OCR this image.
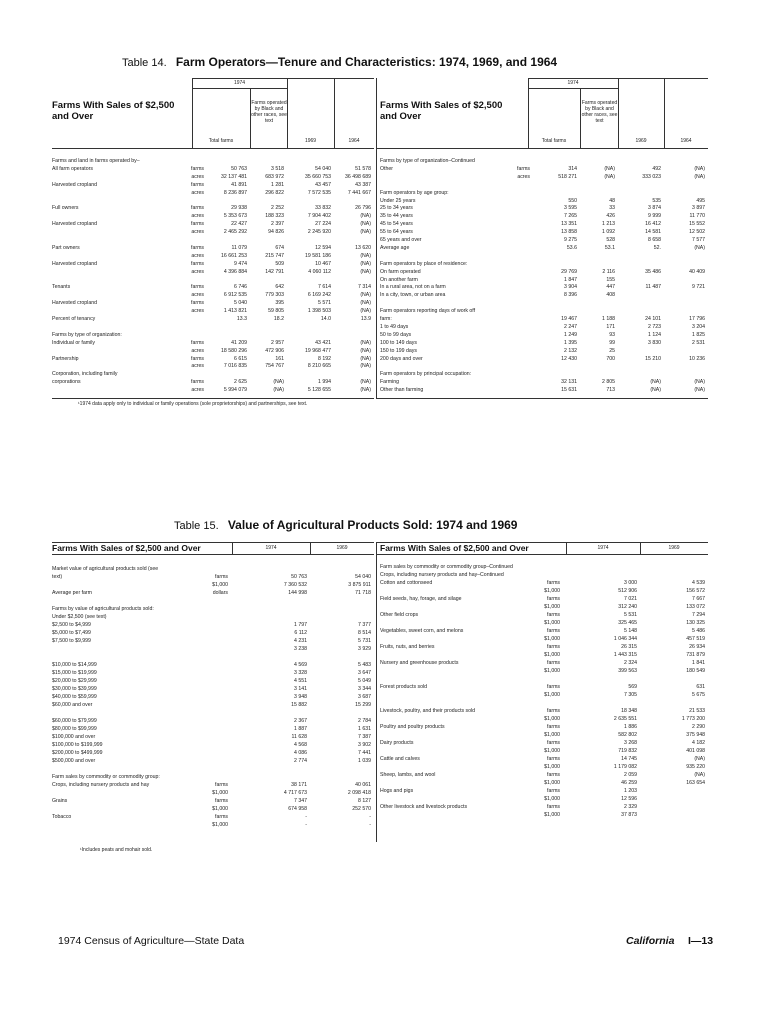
Table 14. Farm Operators—Tenure and Characteristics: 1974, 1969, and 1964
Farms With Sales of $2,500 and Over
1974
Total farms
Farms operated by Black and other races, see text
1969	1964
Farms and land in farms operated by–
All farm operators	farms	50 763	3 518	54 040	51 578
acres	32 137 481	683 972	35 660 753	36 498 689
Harvested cropland	farms	41 891	1 281	43 457	43 387
acres	8 236 897	296 822	7 572 535	7 441 667
Full owners	farms	29 938	2 252	33 832	26 796
acres	5 353 673	188 323	7 904 402	(NA)
Harvested cropland	farms	22 427	2 397	27 224	(NA)
acres	2 465 292	94 826	2 245 920	(NA)
Part owners	farms	11 079	674	12 594	13 620
acres	16 661 253	215 747	19 581 186	(NA)
Harvested cropland	farms	9 474	509	10 467	(NA)
acres	4 396 884	142 791	4 060 112	(NA)
Tenants	farms	6 746	642	7 614	7 314
acres	6 912 535	779 303	6 169 242	(NA)
Harvested cropland	farms	5 040	395	5 571	(NA)
acres	1 413 821	59 805	1 398 503	(NA)
Percent of tenancy	13.3	18.2	14.0	13.9
Farms by type of organization:
Individual or family	farms	41 209	2 957	43 421	(NA)
acres	18 580 296	472 906	19 968 477	(NA)
Partnership	farms	6 615	161	8 192	(NA)
acres	7 016 835	754 767	8 210 665	(NA)
Corporation, including family
corporations	farms	2 625	(NA)	1 994	(NA)
acres	5 994 079	(NA)	5 128 655	(NA)
Farms With Sales of $2,500 and Over
1974
Total farms
Farms operated by Black and other races, see text
1969	1964
Farms by type of organization–Continued
Other	farms	314	(NA)	492	(NA)
acres	518 271	(NA)	333 023	(NA)
Farm operators by age group:
Under 25 years	550	48	535	495
25 to 34 years	3 595	33	3 874	3 897
35 to 44 years	7 265	426	9 999	11 770
45 to 54 years	13 351	1 213	16 412	15 552
55 to 64 years	13 858	1 092	14 581	12 502
65 years and over	9 275	528	8 658	7 577
Average age	53.6	53.1	52.	(NA)
Farm operators by place of residence:
On farm operated	29 769	2 116	35 486	40 409
On another farm	1 847	155
In a rural area, not on a farm	3 904	447	11 487	9 721
In a city, town, or urban area	8 396	408
Farm operators reporting days of work off
farm:	19 467	1 188	24 101	17 796
1 to 49 days	2 247	171	2 723	3 204
50 to 99 days	1 249	93	1 124	1 825
100 to 149 days	1 395	99	3 830	2 531
150 to 199 days	2 132	25
200 days and over	12 430	700	15 210	10 236
Farm operators by principal occupation:
Farming	32 131	2 805	(NA)	(NA)
Other than farming	15 631	713	(NA)	(NA)
¹1974 data apply only to individual or family operations (sole proprietorships) and partnerships, see text.
Table 15. Value of Agricultural Products Sold: 1974 and 1969
Farms With Sales of $2,500 and Over	1974	1969
Market value of agricultural products sold (see
text)	farms	50 763	54 040
$1,000	7 360 532	3 875 911
Average per farm	dollars	144 998	71 718
Farms by value of agricultural products sold:
Under $2,500 (see text)
$2,500 to $4,999	1 797	7 377
$5,000 to $7,499	6 112	8 514
$7,500 to $9,999	4 231	5 731
3 238	3 929
$10,000 to $14,999	4 569	5 483
$15,000 to $19,999	3 328	3 647
$20,000 to $29,999	4 551	5 049
$30,000 to $39,999	3 141	3 344
$40,000 to $59,999	3 948	3 687
$60,000 and over	15 882	15 299
$60,000 to $79,999	2 367	2 784
$80,000 to $99,999	1 887	1 631
$100,000 and over	11 628	7 387
$100,000 to $199,999	4 568	3 902
$200,000 to $499,999	4 086	7 441
$500,000 and over	2 774	1 039
Farm sales by commodity or commodity group:
Crops, including nursery products and hay	farms	38 171	40 061
$1,000	4 717 673	2 098 418
Grains	farms	7 347	8 127
$1,000	674 958	252 570
Tobacco	farms	-	-
$1,000	-	-
Farms With Sales of $2,500 and Over	1974	1969
Farm sales by commodity or commodity group–Continued
Crops, including nursery products and hay–Continued
Cotton and cottonseed	farms	3 000	4 539
$1,000	512 906	156 572
Field seeds, hay, forage, and silage	farms	7 021	7 667
$1,000	312 240	133 072
Other field crops	farms	5 531	7 294
$1,000	325 465	130 325
Vegetables, sweet corn, and melons	farms	5 148	5 486
$1,000	1 046 344	457 519
Fruits, nuts, and berries	farms	26 315	26 934
$1,000	1 443 315	731 879
Nursery and greenhouse products	farms	2 324	1 841
$1,000	399 563	180 549
Forest products sold	farms	569	631
$1,000	7 305	5 675
Livestock, poultry, and their products sold	farms	18 348	21 533
$1,000	2 635 551	1 773 200
Poultry and poultry products	farms	1 886	2 290
$1,000	582 802	375 948
Dairy products	farms	3 268	4 182
$1,000	719 832	401 098
Cattle and calves	farms	14 745	(NA)
$1,000	1 179 082	935 220
Sheep, lambs, and wool	farms	2 059	(NA)
$1,000	46 259	163 654
Hogs and pigs	farms	1 203
$1,000	12 596
Other livestock and livestock products	farms	2 329
$1,000	37 873
¹Includes peats and mohair sold.
1974 Census of Agriculture—State Data	California I—13
